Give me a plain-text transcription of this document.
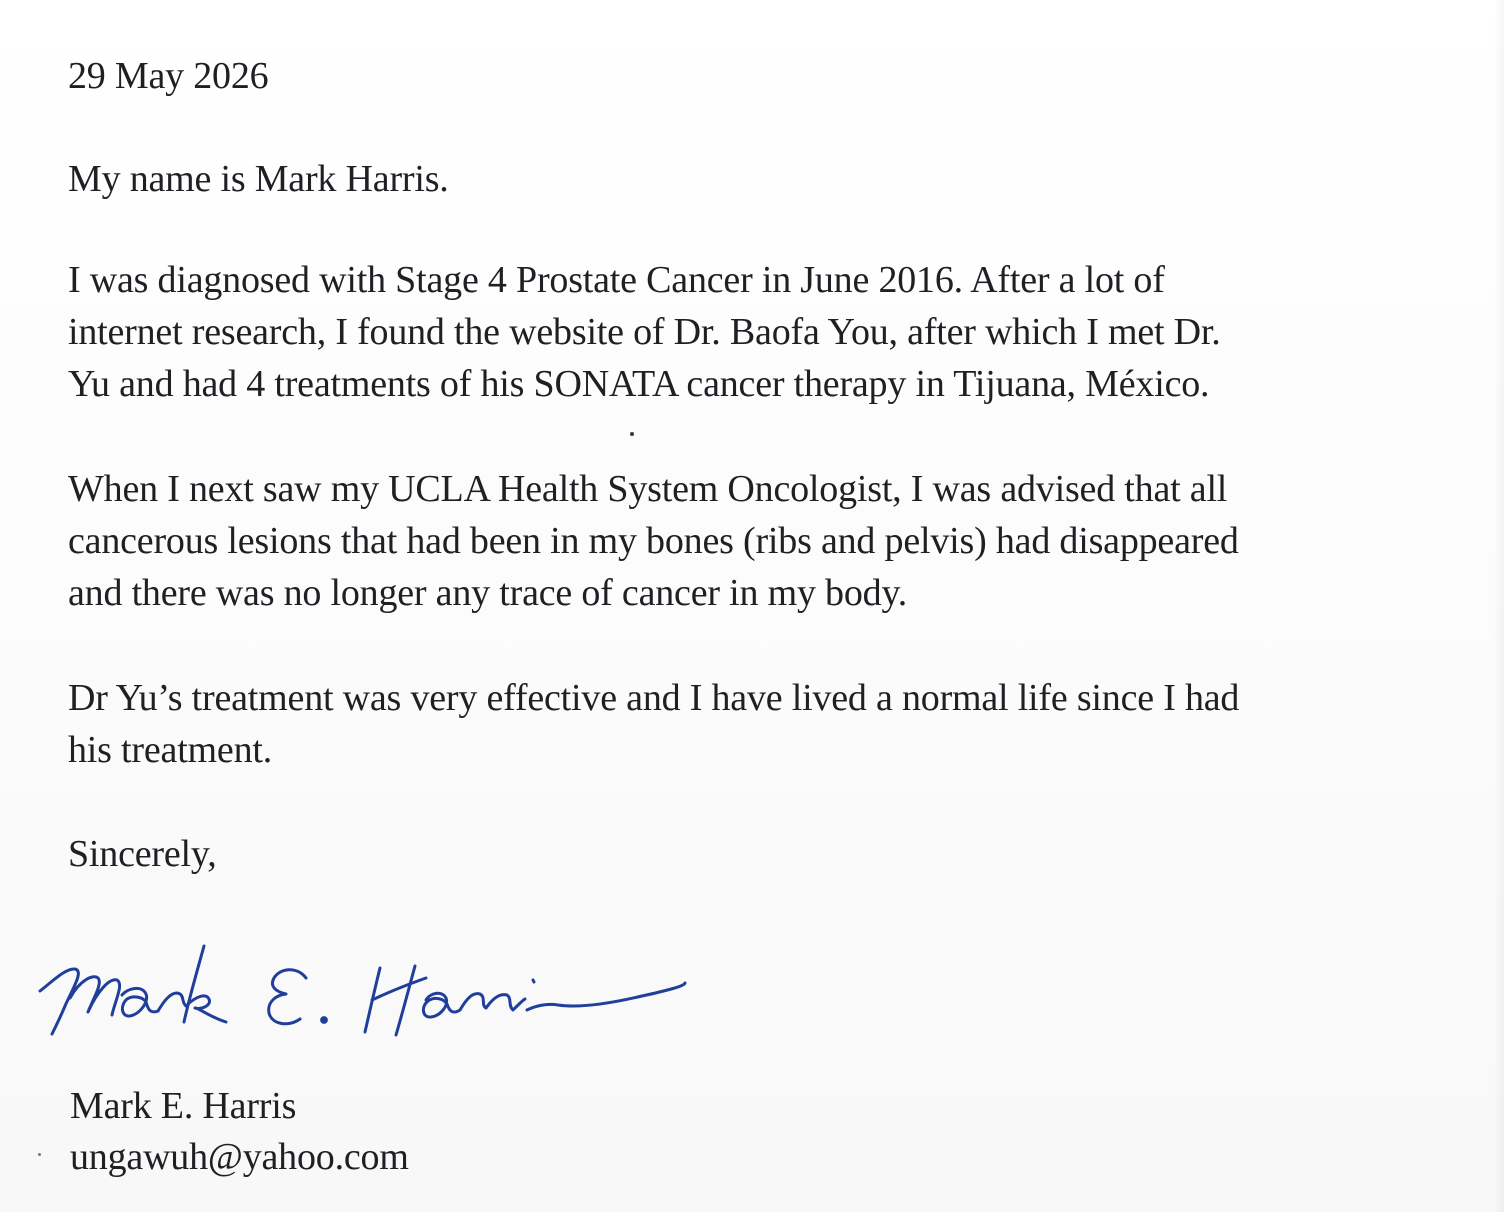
29 May 2026

My name is Mark Harris.

I was diagnosed with Stage 4 Prostate Cancer in June 2016. After a lot of
internet research, I found the website of Dr. Baofa You, after which I met Dr.
Yu and had 4 treatments of his SONATA cancer therapy in Tijuana, México.
When I next saw my UCLA Health System Oncologist, I was advised that all
cancerous lesions that had been in my bones (ribs and pelvis) had disappeared
and there was no longer any trace of cancer in my body.
Dr Yu’s treatment was very effective and I have lived a normal life since I had
his treatment.

Sincerely,

Mark E. Harris

ungawuh@yahoo.com
